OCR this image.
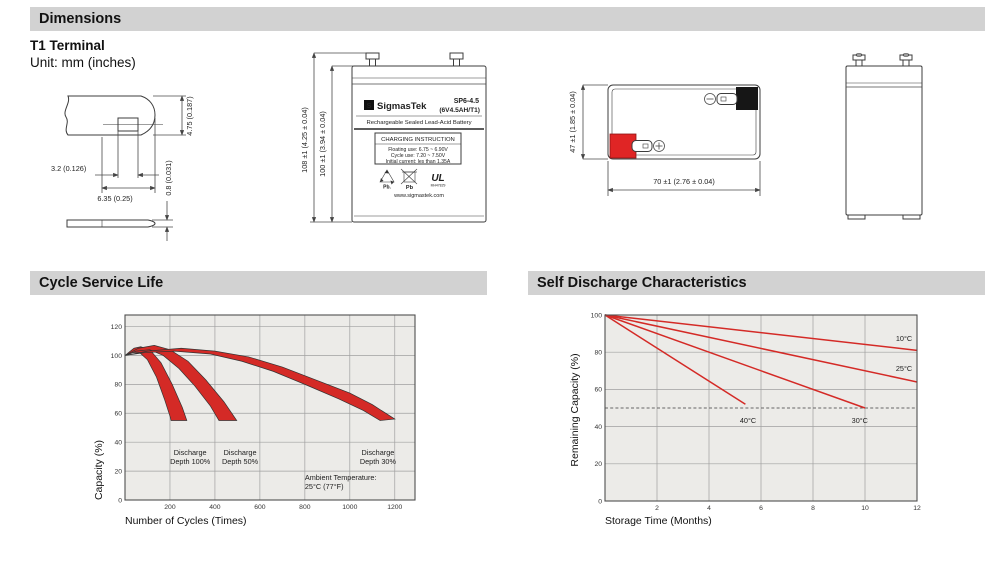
Dimensions
T1 Terminal
Unit: mm (inches)
4.75 (0.187)
3.2 (0.126)
6.35 (0.25)
0.8 (0.031)
S SigmasTek	SP6-4.5
(6V4.5AH/T1)
Rechargeable Sealed Lead-Acid Battery
CHARGING INSTRUCTION
Floating use: 6.75 ~ 6.90V
Cycle use: 7.20 ~ 7.50V
Initial current: les than 1.35A
Pb.	Pb
UL
MH47829
www.sigmastek.com
108 ±1 (4.25 ± 0.04) 100 ±1 (3.94 ± 0.04)	47 ±1 (1.85 ± 0.04)
70 ±1 (2.76 ± 0.04)
Cycle Service Life
200	400	600	800	1000	1200
0
20
40
60
80
100
120
Discharge
Depth 100%
Discharge
Depth 50%
Discharge
Depth 30%
Ambient Temperature:
25°C (77°F)
Capacity (%)
Number of Cycles (Times)
Self Discharge Characteristics
2	4	6	8	10	12
0
20
40
60
80
100
10°C
25°C
40°C	30°C
Remaining Capacity (%)
Storage Time (Months)
